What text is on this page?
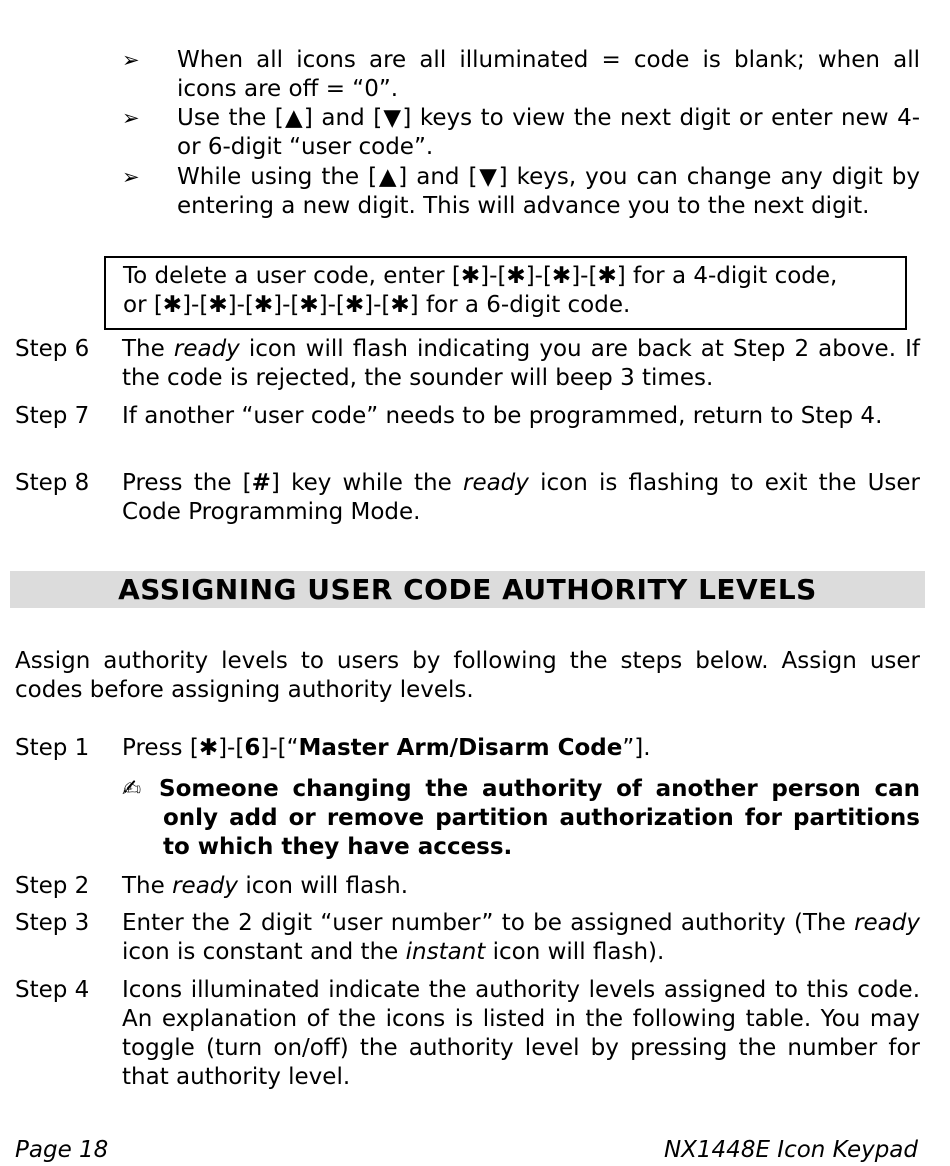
➢ When all icons are all illuminated = code is blank; when all icons are off = “0”.
➢ Use the [▲] and [▼] keys to view the next digit or enter new 4- or 6-digit “user code”.
➢ While using the [▲] and [▼] keys, you can change any digit by entering a new digit. This will advance you to the next digit.
To delete a user code, enter [✱]-[✱]-[✱]-[✱] for a 4-digit code,
or [✱]-[✱]-[✱]-[✱]-[✱]-[✱] for a 6-digit code.
Step 6 The ready icon will flash indicating you are back at Step 2 above. If the code is rejected, the sounder will beep 3 times.
Step 7 If another “user code” needs to be programmed, return to Step 4.
Step 8 Press the [#] key while the ready icon is flashing to exit the User Code Programming Mode.
ASSIGNING USER CODE AUTHORITY LEVELS
Assign authority levels to users by following the steps below. Assign user codes before assigning authority levels.
Step 1 Press [✱]-[6]-[“Master Arm/Disarm Code”].
✍ Someone changing the authority of another person can only add or remove partition authorization for partitions to which they have access.
Step 2 The ready icon will flash.
Step 3 Enter the 2 digit “user number” to be assigned authority (The ready icon is constant and the instant icon will flash).
Step 4 Icons illuminated indicate the authority levels assigned to this code. An explanation of the icons is listed in the following table. You may toggle (turn on/off) the authority level by pressing the number for that authority level.
Page 18	NX1448E Icon Keypad
